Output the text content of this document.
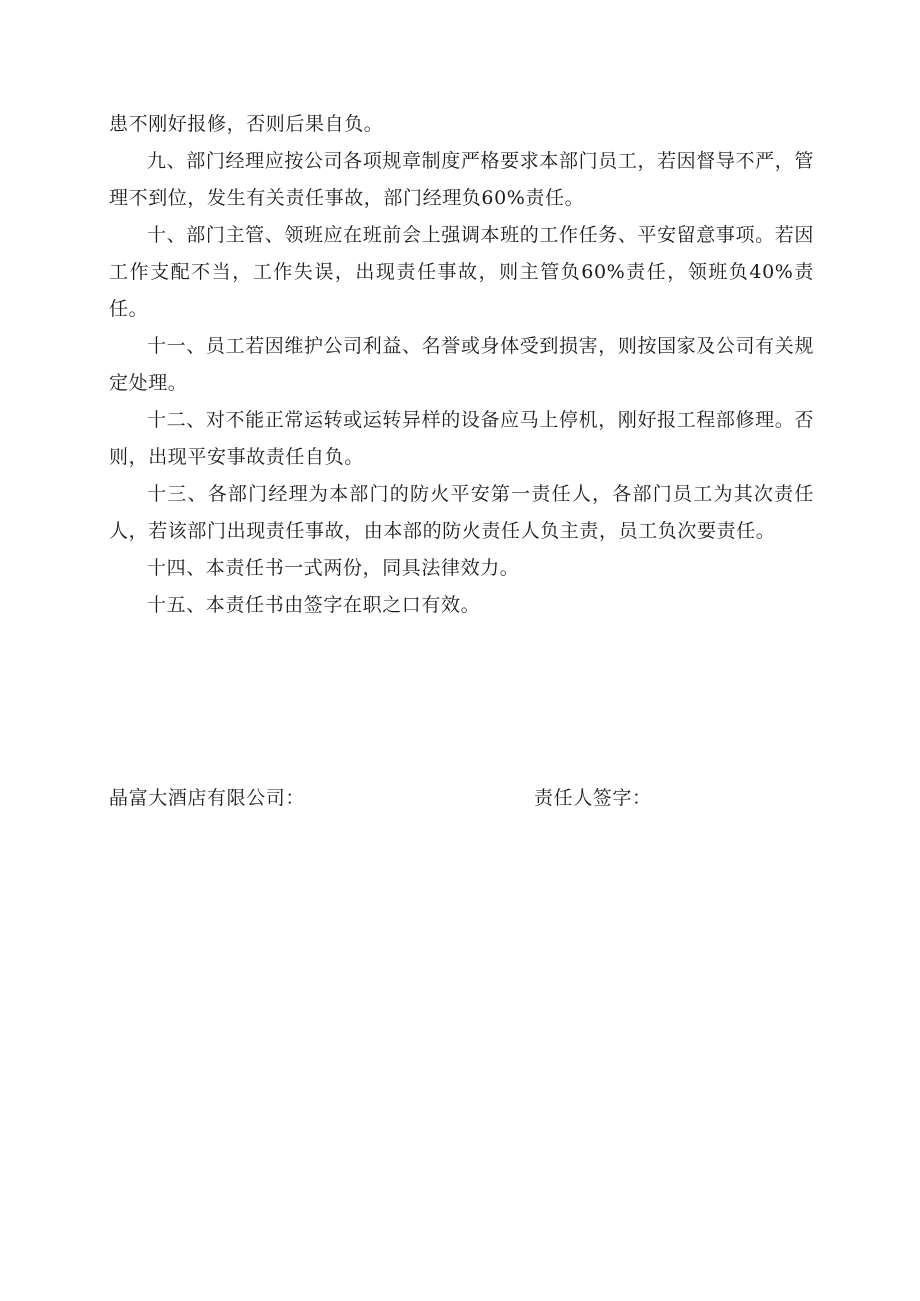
患不刚好报修，否则后果自负。

九、部门经理应按公司各项规章制度严格要求本部门员工，若因督导不严，管理不到位，发生有关责任事故，部门经理负60%责任。

十、部门主管、领班应在班前会上强调本班的工作任务、平安留意事项。若因工作支配不当，工作失误，出现责任事故，则主管负60%责任，领班负40%责任。

十一、员工若因维护公司利益、名誉或身体受到损害，则按国家及公司有关规定处理。

十二、对不能正常运转或运转异样的设备应马上停机，刚好报工程部修理。否则，出现平安事故责任自负。

十三、各部门经理为本部门的防火平安第一责任人，各部门员工为其次责任人，若该部门出现责任事故，由本部的防火责任人负主责，员工负次要责任。

十四、本责任书一式两份，同具法律效力。

十五、本责任书由签字在职之口有效。

晶富大酒店有限公司：	责任人签字：
